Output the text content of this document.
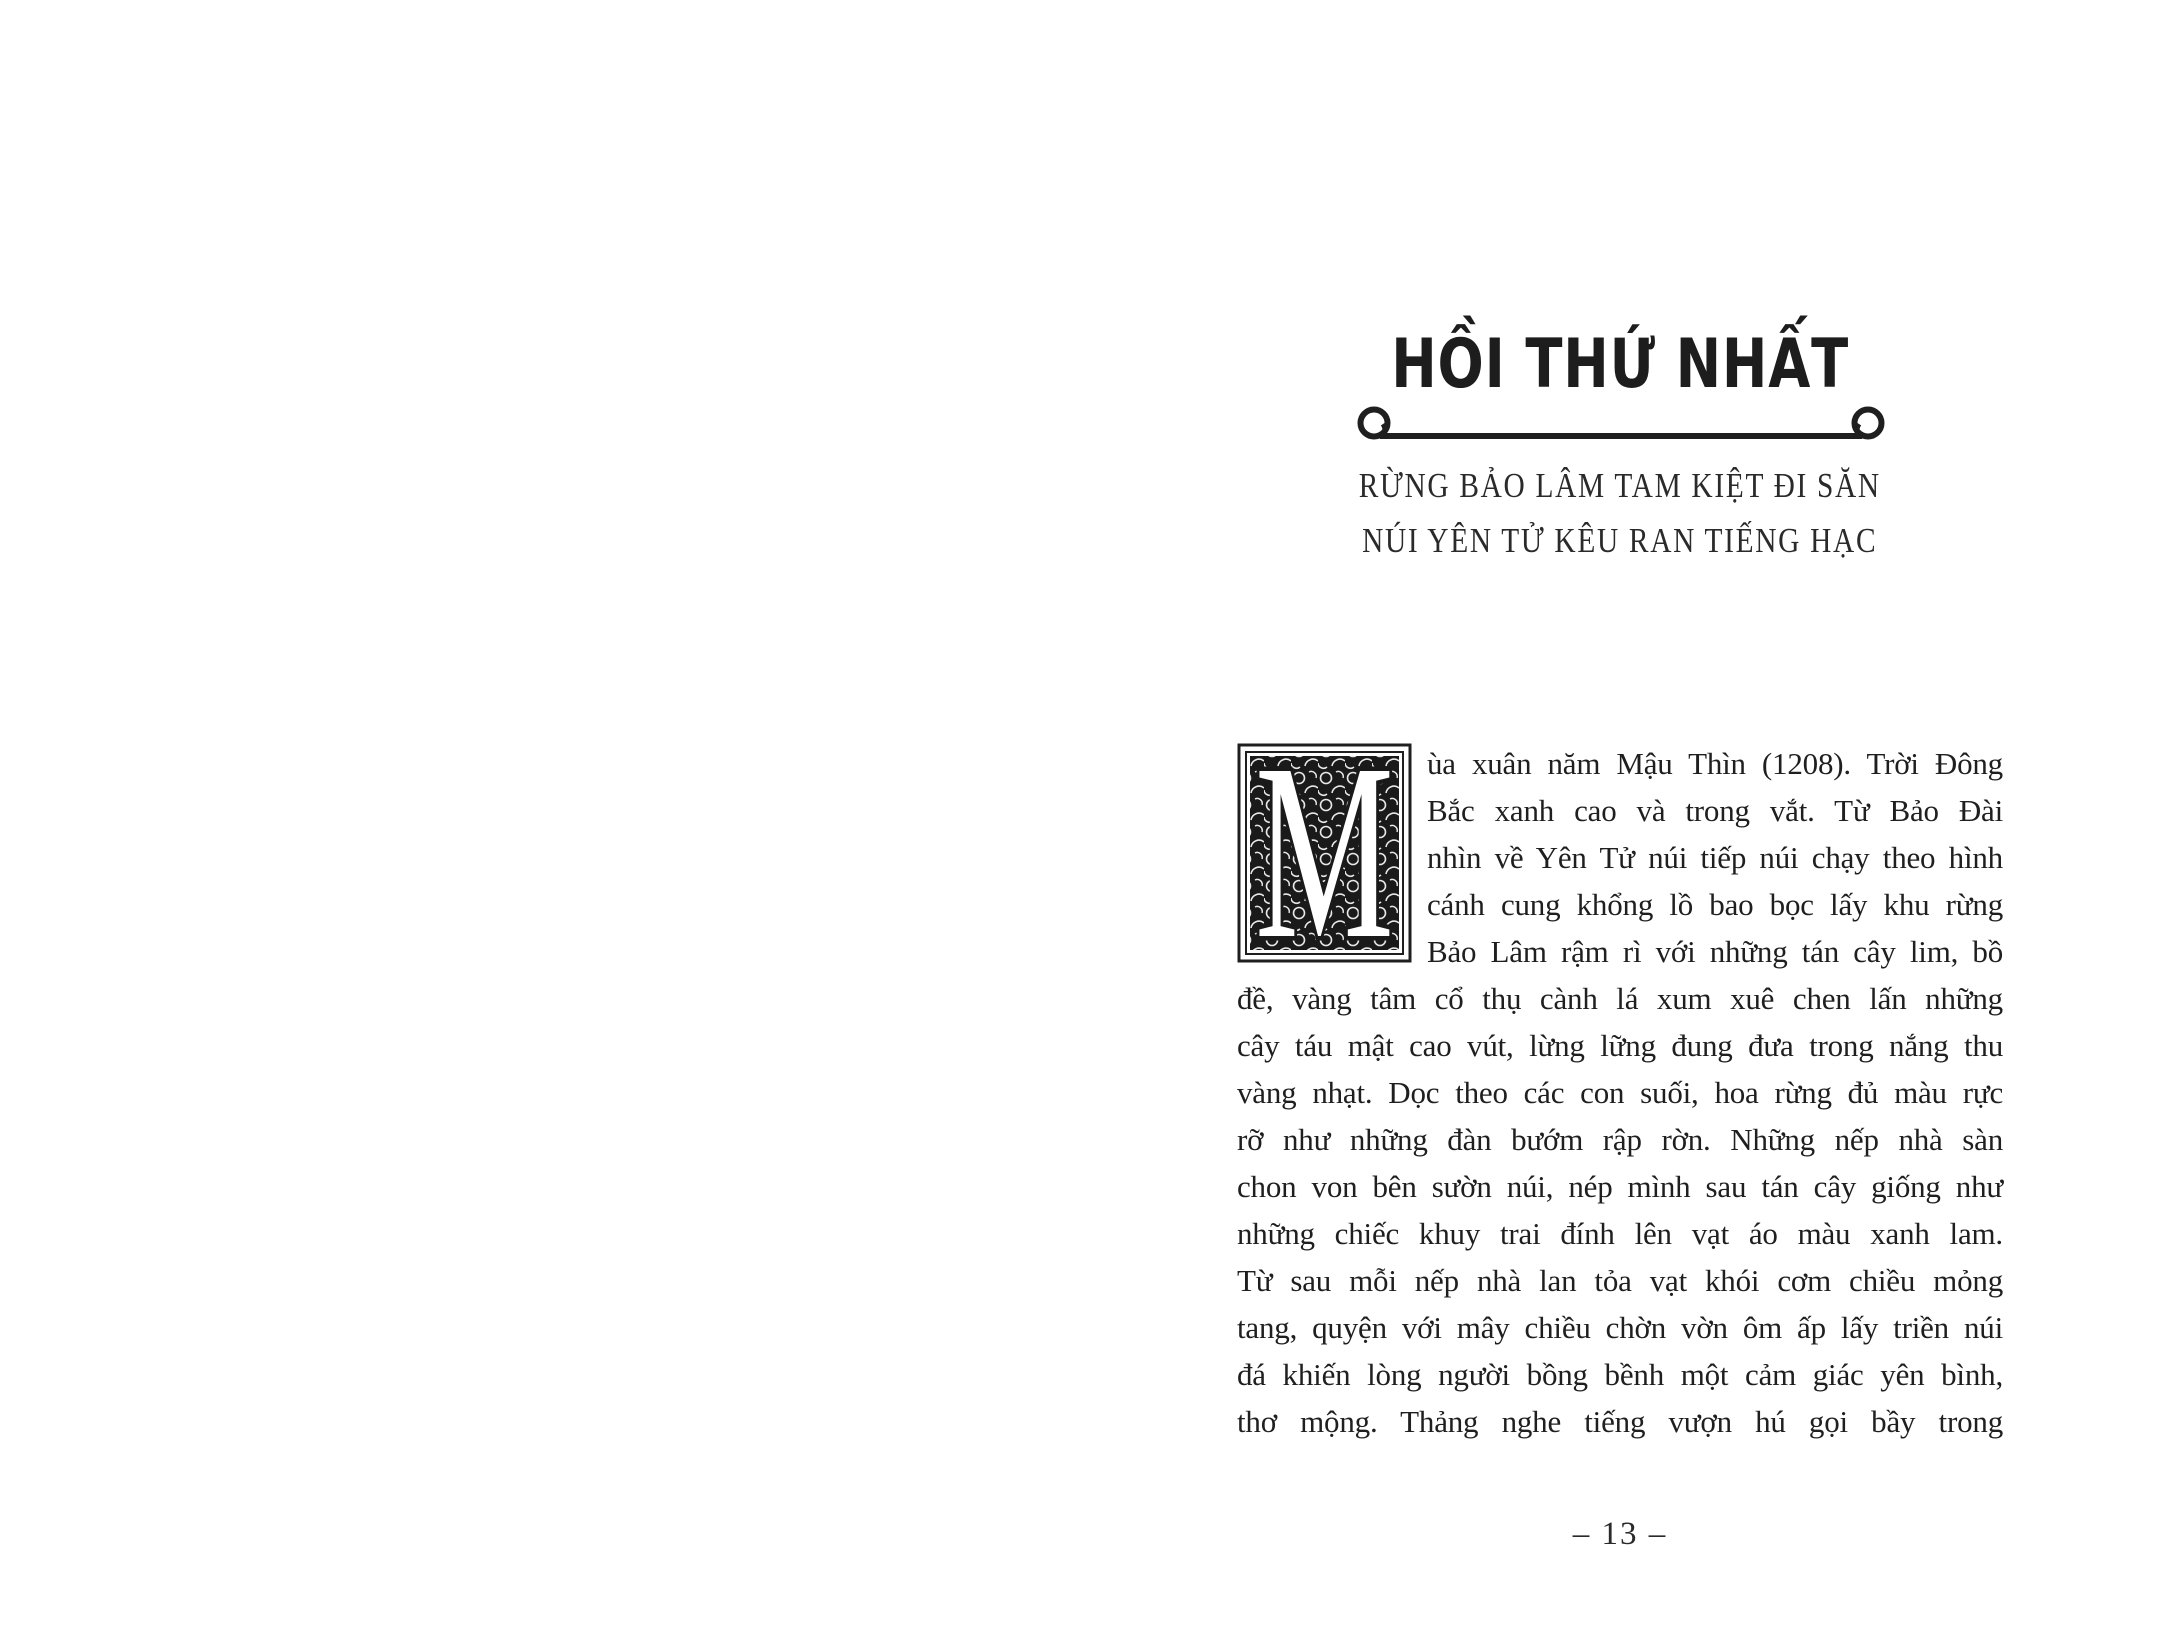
HỒI THỨ NHẤT
RỪNG BẢO LÂM TAM KIỆT ĐI SĂN
NÚI YÊN TỬ KÊU RAN TIẾNG HẠC
M ùa xuân năm Mậu Thìn (1208). Trời Đông
Bắc xanh cao và trong vắt. Từ Bảo Đài
nhìn về Yên Tử núi tiếp núi chạy theo hình
cánh cung khổng lồ bao bọc lấy khu rừng
Bảo Lâm rậm rì với những tán cây lim, bồ
đề, vàng tâm cổ thụ cành lá xum xuê chen lấn những
cây táu mật cao vút, lừng lững đung đưa trong nắng thu
vàng nhạt. Dọc theo các con suối, hoa rừng đủ màu rực
rỡ như những đàn bướm rập rờn. Những nếp nhà sàn
chon von bên sườn núi, nép mình sau tán cây giống như
những chiếc khuy trai đính lên vạt áo màu xanh lam.
Từ sau mỗi nếp nhà lan tỏa vạt khói cơm chiều mỏng
tang, quyện với mây chiều chờn vờn ôm ấp lấy triền núi
đá khiến lòng người bồng bềnh một cảm giác yên bình,
thơ mộng. Thảng nghe tiếng vượn hú gọi bầy trong
– 13 –
